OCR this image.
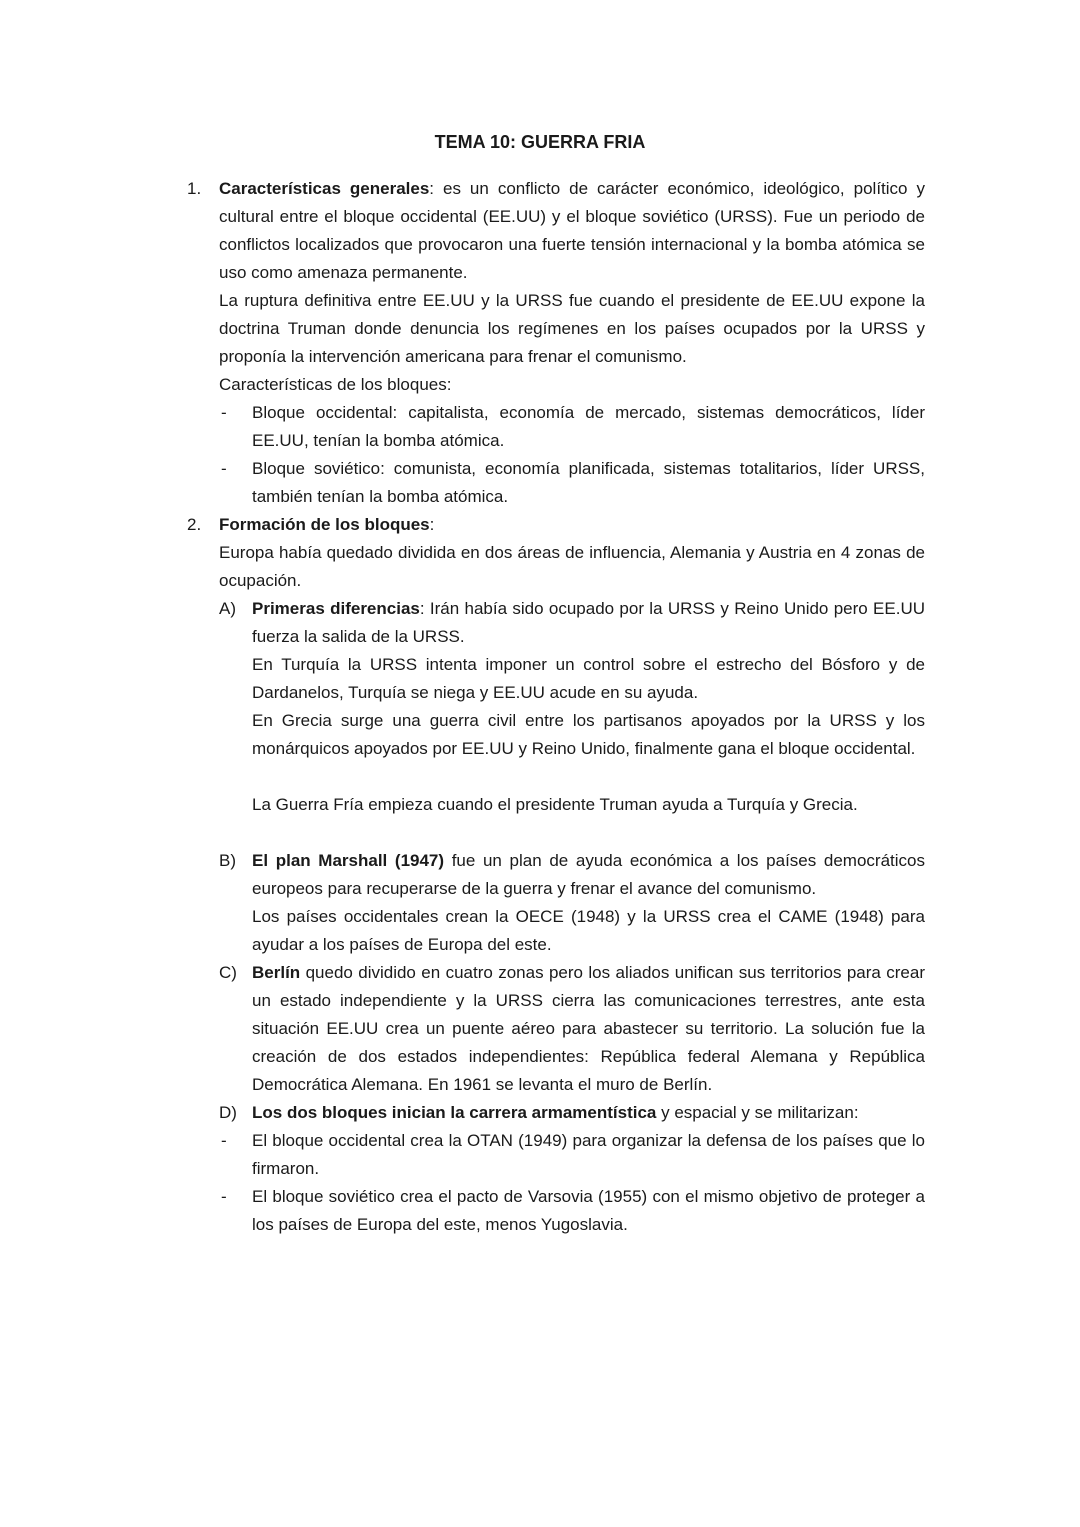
TEMA 10: GUERRA FRIA
1. Características generales: es un conflicto de carácter económico, ideológico, político y cultural entre el bloque occidental (EE.UU) y el bloque soviético (URSS). Fue un periodo de conflictos localizados que provocaron una fuerte tensión internacional y la bomba atómica se uso como amenaza permanente.

La ruptura definitiva entre EE.UU y la URSS fue cuando el presidente de EE.UU expone la doctrina Truman donde denuncia los regímenes en los países ocupados por la URSS y proponía la intervención americana para frenar el comunismo.

Características de los bloques:

- Bloque occidental: capitalista, economía de mercado, sistemas democráticos, líder EE.UU, tenían la bomba atómica.

- Bloque soviético: comunista, economía planificada, sistemas totalitarios, líder URSS, también tenían la bomba atómica.

2. Formación de los bloques:

Europa había quedado dividida en dos áreas de influencia, Alemania y Austria en 4 zonas de ocupación.

A) Primeras diferencias: Irán había sido ocupado por la URSS y Reino Unido pero EE.UU fuerza la salida de la URSS.

En Turquía la URSS intenta imponer un control sobre el estrecho del Bósforo y de Dardanelos, Turquía se niega y EE.UU acude en su ayuda.

En Grecia surge una guerra civil entre los partisanos apoyados por la URSS y los monárquicos apoyados por EE.UU y Reino Unido, finalmente gana el bloque occidental.

La Guerra Fría empieza cuando el presidente Truman ayuda a Turquía y Grecia.

B) El plan Marshall (1947) fue un plan de ayuda económica a los países democráticos europeos para recuperarse de la guerra y frenar el avance del comunismo.

Los países occidentales crean la OECE (1948) y la URSS crea el CAME (1948) para ayudar a los países de Europa del este.

C) Berlín quedo dividido en cuatro zonas pero los aliados unifican sus territorios para crear un estado independiente y la URSS cierra las comunicaciones terrestres, ante esta situación EE.UU crea un puente aéreo para abastecer su territorio. La solución fue la creación de dos estados independientes: República federal Alemana y República Democrática Alemana. En 1961 se levanta el muro de Berlín.

D) Los dos bloques inician la carrera armamentística y espacial y se militarizan:

- El bloque occidental crea la OTAN (1949) para organizar la defensa de los países que lo firmaron.

- El bloque soviético crea el pacto de Varsovia (1955) con el mismo objetivo de proteger a los países de Europa del este, menos Yugoslavia.
